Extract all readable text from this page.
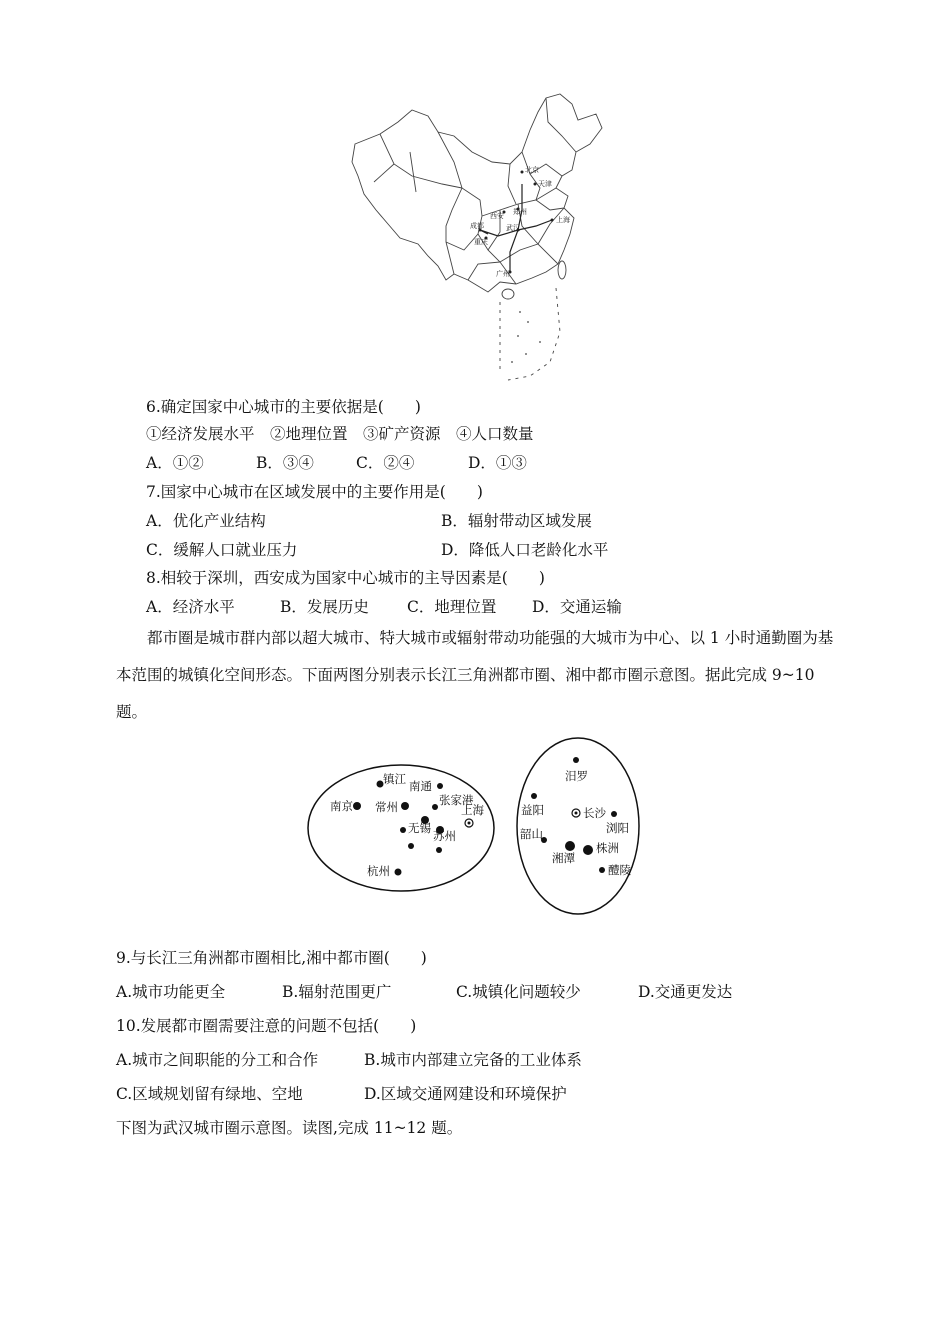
北京
天津
郑州
西安	上海
成都	武汉
重庆
广州
6.确定国家中心城市的主要依据是(　　)
①经济发展水平　②地理位置　③矿产资源　④人口数量
A．①②	B．③④	C．②④	D．①③
7.国家中心城市在区域发展中的主要作用是(　　)
A．优化产业结构	B．辐射带动区域发展
C．缓解人口就业压力	D．降低人口老龄化水平
8.相较于深圳，西安成为国家中心城市的主导因素是(　　)
A．经济水平	B．发展历史 C．地理位置 D．交通运输
都市圈是城市群内部以超大城市、特大城市或辐射带动功能强的大城市为中心、以 1 小时通勤圈为基本范围的城镇化空间形态。下面两图分别表示长江三角洲都市圈、湘中都市圈示意图。据此完成 9~10 题。
镇江 南通
南京 常州	张家港
上海
无锡
苏州
杭州
汨罗
益阳	长沙
浏阳
韶山
湘潭
株洲
醴陵
9.与长江三角洲都市圈相比,湘中都市圈(　　)
A.城市功能更全	B.辐射范围更广	C.城镇化问题较少	D.交通更发达
10.发展都市圈需要注意的问题不包括(　　)
A.城市之间职能的分工和合作	B.城市内部建立完备的工业体系
C.区域规划留有绿地、空地	D.区域交通网建设和环境保护
下图为武汉城市圈示意图。读图,完成 11~12 题。
